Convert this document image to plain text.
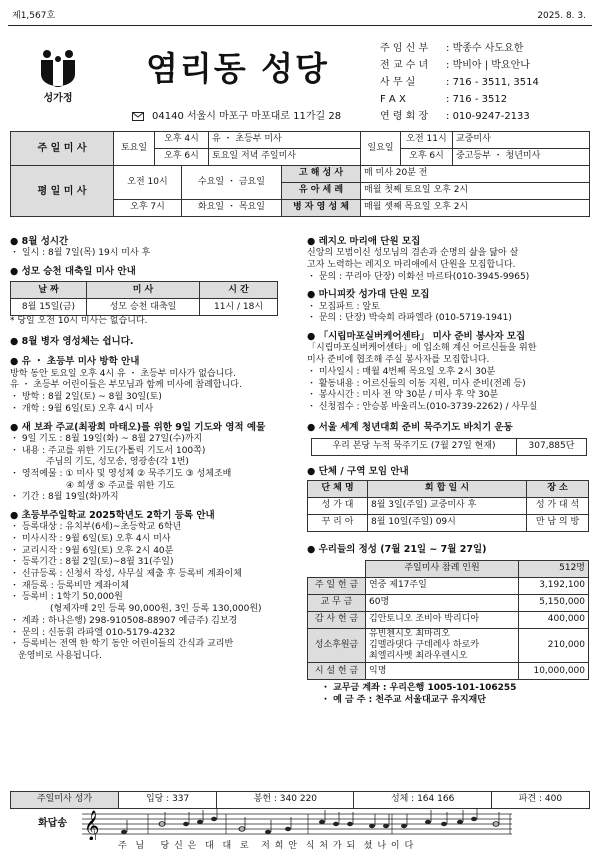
제1,567호	2025. 8. 3.
성가정
염리동 성당
04140 서울시 마포구 마포대로 11가길 28
주 임 신 부 : 박종수 사도요한
전 교 수 녀 : 박비아 | 박요안나
사 무 실	: 716 - 3511, 3514
F A X	: 716 - 3512
연 령 회 장 : 010-9247-2133
주 일 미 사	토요일	오후 4시	유 ・ 초등부 미사	일요일	오전 11시	교중미사
		오후 6시	토요일 저녁 주일미사		오후 6시	중고등부 ・ 청년미사
평 일 미 사	오전 10시	수요일 ・ 금요일	고 해 성 사	매 미사 20분 전
			유 아 세 례	매월 첫째 토요일 오후 2시
	오후 7시	화요일 ・ 목요일	병 자 영 성 체	매월 셋째 목요일 오후 2시
● 8월 성시간
・ 일시 : 8월 7일(목) 19시 미사 후
● 성모 승천 대축일 미사 안내
날 짜	미 사	시 간
8월 15일(금)	성모 승천 대축일	11시 / 18시
* 당일 오전 10시 미사는 없습니다.
● 8월 병자 영성체는 쉽니다.
● 유 ・ 초등부 미사 방학 안내
방학 동안 토요일 오후 4시 유 ・ 초등부 미사가 없습니다.
유 ・ 초등부 어린이들은 부모님과 함께 미사에 참례합니다.
・ 방학 : 8월 2일(토) ~ 8월 30일(토)
・ 개학 : 9월 6일(토) 오후 4시 미사
● 새 보좌 주교(최광희 마태오)를 위한 9일 기도와 영적 예물
・ 9일 기도 : 8월 19일(화) ~ 8월 27일(수)까지
・ 내용 : 주교를 위한 기도(가톨릭 기도서 100쪽)
주님의 기도, 성모송, 영광송(각 1번)
・ 영적예물 : ① 미사 및 영성체 ② 묵주기도 ③ 성체조배
④ 희생 ⑤ 주교를 위한 기도
・ 기간 : 8월 19일(화)까지
● 초등부주일학교 2025학년도 2학기 등록 안내
・ 등록대상 : 유치부(6세)~초등학교 6학년
・ 미사시작 : 9월 6일(토) 오후 4시 미사
・ 교리시작 : 9월 6일(토) 오후 2시 40분
・ 등록기간 : 8월 2일(토)~8월 31(주일)
・ 신규등록 : 신청서 작성, 사무실 제출 후 등록비 계좌이체
・ 재등록 : 등록비만 계좌이체
・ 등록비 : 1학기 50,000원
(형제자매 2인 등록 90,000원, 3인 등록 130,000원)
・ 계좌 : 하나은행) 298-910508-88907 예금주) 김보경
・ 문의 : 신동휘 라파엘 010-5179-4232
・ 등록비는 전액 한 학기 동안 어린이들의 간식과 교리반
운영비로 사용됩니다.
● 레지오 마리애 단원 모집
신앙의 모범이신 성모님의 겸손과 순명의 삶을 닮아 살
고자 노력하는 레지오 마리애에서 단원을 모집합니다.
・ 문의 : 꾸리아 단장) 이화선 마르타(010-3945-9965)
● 마니피캇 성가대 단원 모집
・ 모집파트 : 알토
・ 문의 : 단장) 박숙희 라파엘라 (010-5719-1941)
● 「시립마포실버케어센타」 미사 준비 봉사자 모집
「시립마포실버케어센타」에 입소해 계신 어르신들을 위한
미사 준비에 협조해 주실 봉사자를 모집합니다.
・ 미사일시 : 매월 4번째 목요일 오후 2시 30분
・ 활동내용 : 어르신들의 이동 지원, 미사 준비(전례 등)
・ 봉사시간 : 미사 전 약 30분 / 미사 후 약 30분
・ 신청접수 : 안승봉 바울리노(010-3739-2262) / 사무실
● 서울 세계 청년대회 준비 묵주기도 바치기 운동
우리 본당 누적 묵주기도 (7월 27일 현재)	307,885단
● 단체 / 구역 모임 안내
단 체 명	회 합 일 시	장 소
성 가 대	8월 3일(주일) 교중미사 후	성 가 대 석
꾸 리 아	8월 10일(주일) 09시	만 남 의 방
● 우리들의 정성 (7월 21일 ~ 7월 27일)
	주일미사 참례 인원	512명
주 일 헌 금	연중 제17주일	3,192,100
교 무 금	60명	5,150,000
감 사 헌 금	김안토니오 조비아 박리디아	400,000
성소후원금	유빈첸시오 최마리오
김멜라댓다 구데레사 하로카
최엘리사벳 최라우렌시오	210,000
시 설 헌 금	익명	10,000,000
・ 교무금 계좌 : 우리은행 1005-101-106255
・ 예 금 주 : 천주교 서울대교구 유지재단
주일미사 성가	입당 : 337	봉헌 : 340 220	성체 : 164 166	파견 : 400
화답송 𝄞
주  님    당 신 은  대  대  로   저 희 안  식 처 가 되  셨 나 이 다
